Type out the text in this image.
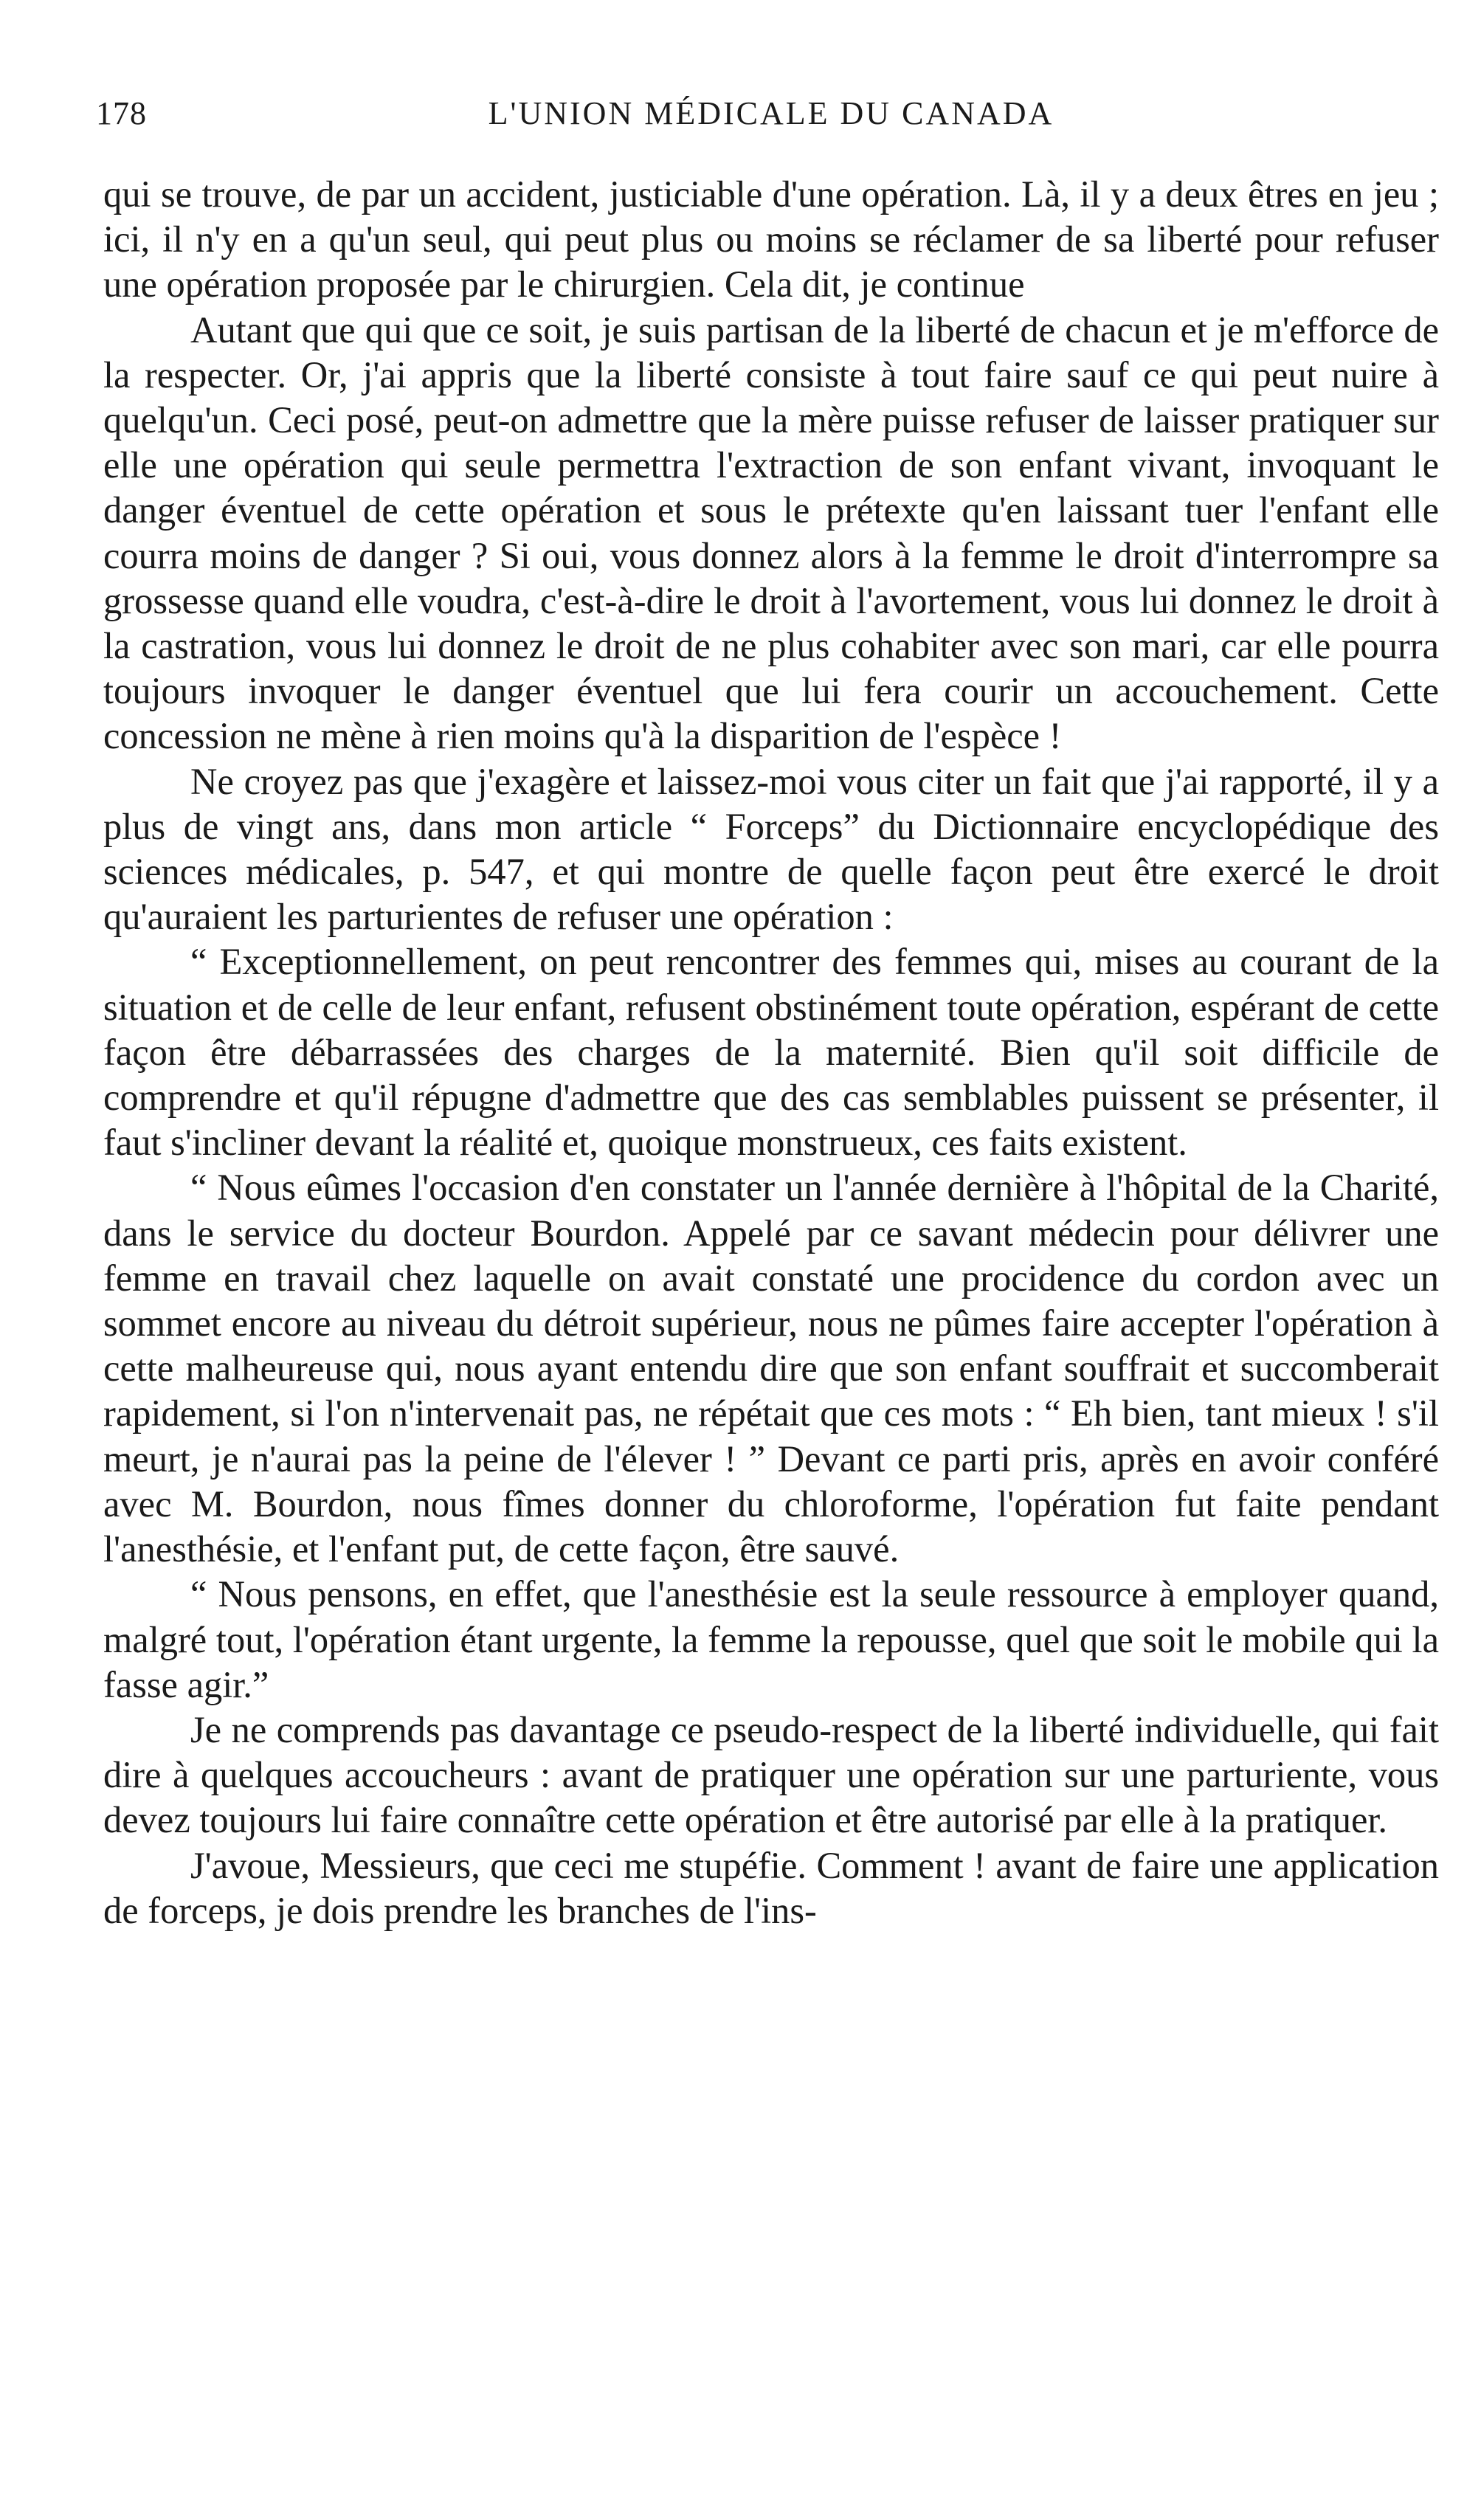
178	L'UNION MÉDICALE DU CANADA

qui se trouve, de par un accident, justiciable d'une opération. Là, il y a deux êtres en jeu ; ici, il n'y en a qu'un seul, qui peut plus ou moins se réclamer de sa liberté pour refuser une opération proposée par le chirurgien. Cela dit, je continue

Autant que qui que ce soit, je suis partisan de la liberté de chacun et je m'efforce de la respecter. Or, j'ai appris que la liberté consiste à tout faire sauf ce qui peut nuire à quelqu'un. Ceci posé, peut-on admettre que la mère puisse refuser de laisser pratiquer sur elle une opération qui seule permettra l'extraction de son enfant vivant, invoquant le danger éventuel de cette opération et sous le prétexte qu'en laissant tuer l'enfant elle courra moins de danger ? Si oui, vous donnez alors à la femme le droit d'interrompre sa grossesse quand elle voudra, c'est-à-dire le droit à l'avortement, vous lui donnez le droit à la castration, vous lui donnez le droit de ne plus cohabiter avec son mari, car elle pourra toujours invoquer le danger éventuel que lui fera courir un accouchement. Cette concession ne mène à rien moins qu'à la disparition de l'espèce !

Ne croyez pas que j'exagère et laissez-moi vous citer un fait que j'ai rapporté, il y a plus de vingt ans, dans mon article “ Forceps” du Dictionnaire encyclopédique des sciences médicales, p. 547, et qui montre de quelle façon peut être exercé le droit qu'auraient les parturientes de refuser une opération :

“ Exceptionnellement, on peut rencontrer des femmes qui, mises au courant de la situation et de celle de leur enfant, refusent obstinément toute opération, espérant de cette façon être débarrassées des charges de la maternité. Bien qu'il soit difficile de comprendre et qu'il répugne d'admettre que des cas semblables puissent se présenter, il faut s'incliner devant la réalité et, quoique monstrueux, ces faits existent.

“ Nous eûmes l'occasion d'en constater un l'année dernière à l'hôpital de la Charité, dans le service du docteur Bourdon. Appelé par ce savant médecin pour délivrer une femme en travail chez laquelle on avait constaté une procidence du cordon avec un sommet encore au niveau du détroit supérieur, nous ne pûmes faire accepter l'opération à cette malheureuse qui, nous ayant entendu dire que son enfant souffrait et succomberait rapidement, si l'on n'intervenait pas, ne répétait que ces mots : “ Eh bien, tant mieux ! s'il meurt, je n'aurai pas la peine de l'élever ! ” Devant ce parti pris, après en avoir conféré avec M. Bourdon, nous fîmes donner du chloroforme, l'opération fut faite pendant l'anesthésie, et l'enfant put, de cette façon, être sauvé.

“ Nous pensons, en effet, que l'anesthésie est la seule ressource à employer quand, malgré tout, l'opération étant urgente, la femme la repousse, quel que soit le mobile qui la fasse agir.”

Je ne comprends pas davantage ce pseudo-respect de la liberté individuelle, qui fait dire à quelques accoucheurs : avant de pratiquer une opération sur une parturiente, vous devez toujours lui faire connaître cette opération et être autorisé par elle à la pratiquer.

J'avoue, Messieurs, que ceci me stupéfie. Comment ! avant de faire une application de forceps, je dois prendre les branches de l'ins-
